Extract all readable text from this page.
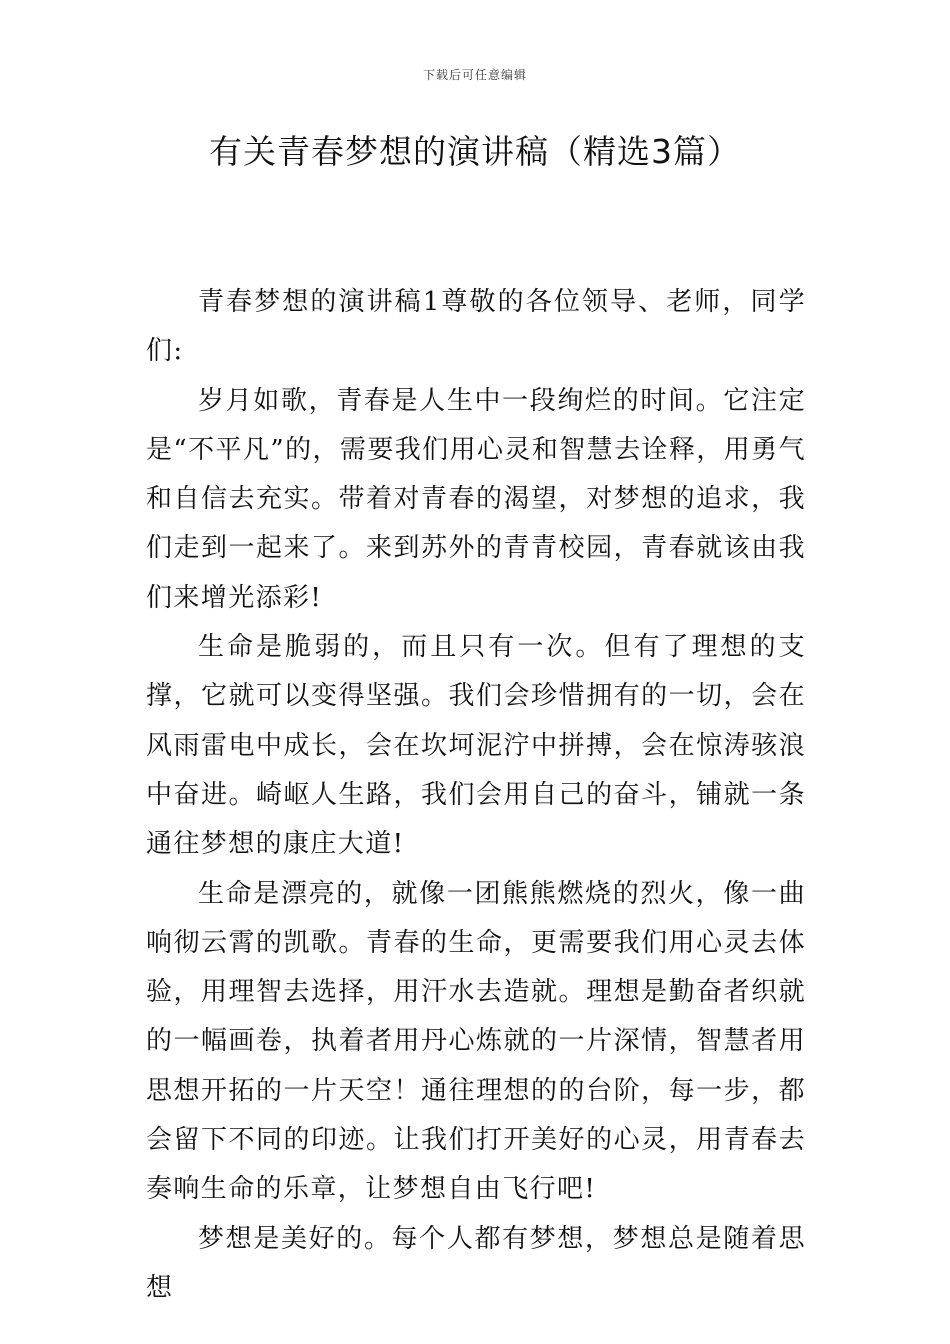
下载后可任意编辑
有关青春梦想的演讲稿（精选3篇）

青春梦想的演讲稿1尊敬的各位领导、老师，同学们:

岁月如歌，青春是人生中一段绚烂的时间。它注定是“不平凡”的，需要我们用心灵和智慧去诠释，用勇气和自信去充实。带着对青春的渴望，对梦想的追求，我们走到一起来了。来到苏外的青青校园，青春就该由我们来增光添彩!

生命是脆弱的，而且只有一次。但有了理想的支撑，它就可以变得坚强。我们会珍惜拥有的一切，会在风雨雷电中成长，会在坎坷泥泞中拼搏，会在惊涛骇浪中奋进。崎岖人生路，我们会用自己的奋斗，铺就一条通往梦想的康庄大道!

生命是漂亮的，就像一团熊熊燃烧的烈火，像一曲响彻云霄的凯歌。青春的生命，更需要我们用心灵去体验，用理智去选择，用汗水去造就。理想是勤奋者织就的一幅画卷，执着者用丹心炼就的一片深情，智慧者用思想开拓的一片天空！通往理想的的台阶，每一步，都会留下不同的印迹。让我们打开美好的心灵，用青春去奏响生命的乐章，让梦想自由飞行吧!

梦想是美好的。每个人都有梦想，梦想总是随着思想
